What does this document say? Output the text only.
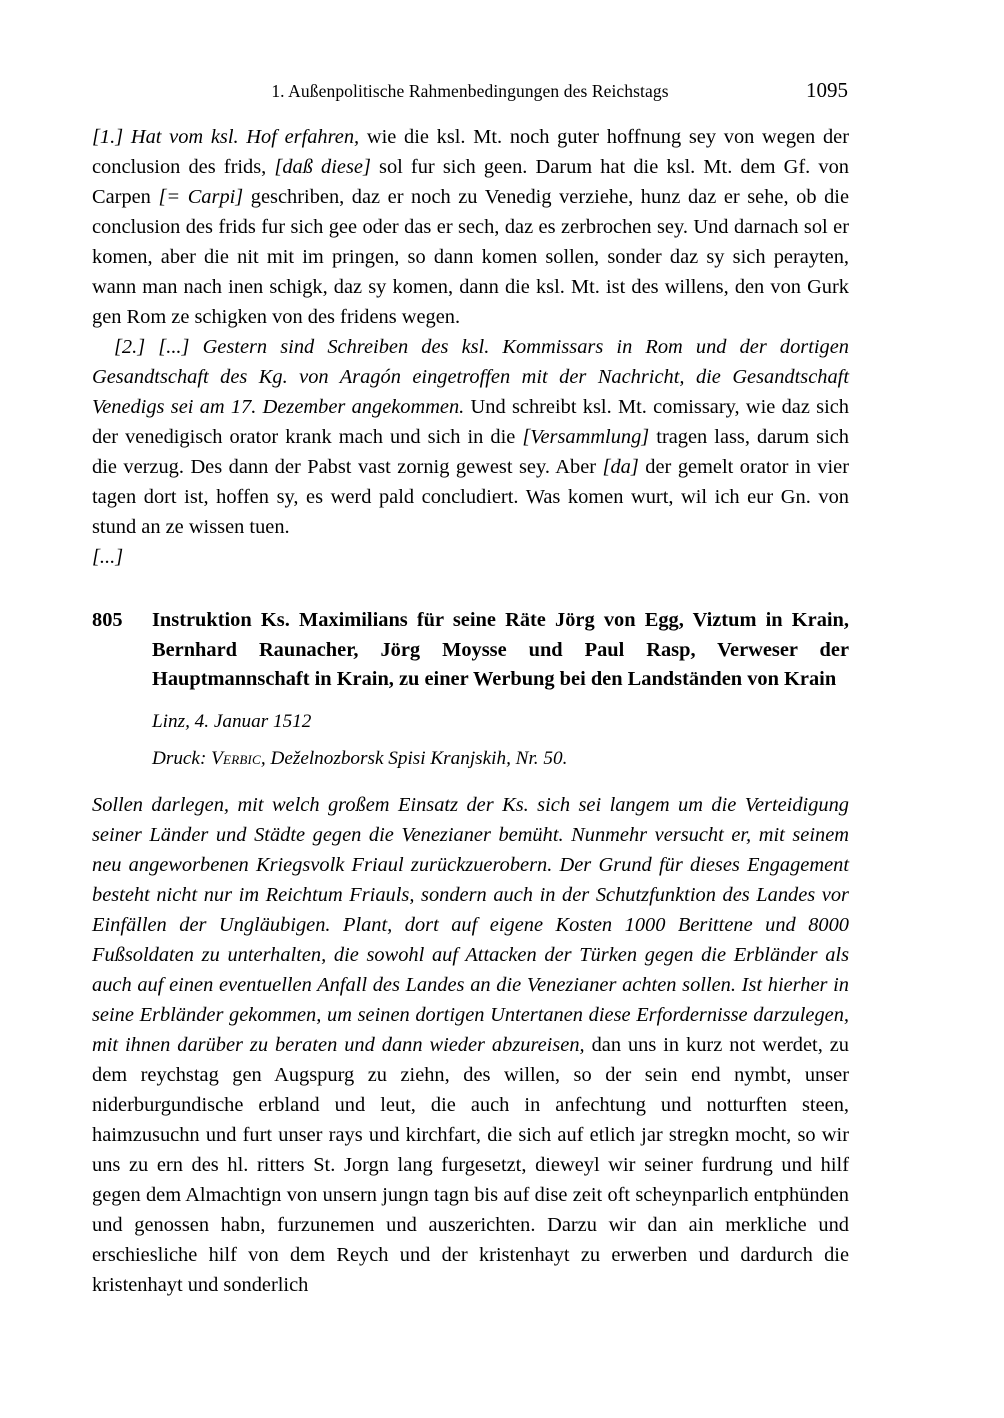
1. Außenpolitische Rahmenbedingungen des Reichstags	1095

[1.] Hat vom ksl. Hof erfahren, wie die ksl. Mt. noch guter hoffnung sey von wegen der conclusion des frids, [daß diese] sol fur sich geen. Darum hat die ksl. Mt. dem Gf. von Carpen [= Carpi] geschriben, daz er noch zu Venedig verziehe, hunz daz er sehe, ob die conclusion des frids fur sich gee oder das er sech, daz es zerbrochen sey. Und darnach sol er komen, aber die nit mit im pringen, so dann komen sollen, sonder daz sy sich perayten, wann man nach inen schigk, daz sy komen, dann die ksl. Mt. ist des willens, den von Gurk gen Rom ze schigken von des fridens wegen.

[2.] [...] Gestern sind Schreiben des ksl. Kommissars in Rom und der dortigen Gesandtschaft des Kg. von Aragón eingetroffen mit der Nachricht, die Gesandtschaft Venedigs sei am 17. Dezember angekommen. Und schreibt ksl. Mt. comissary, wie daz sich der venedigisch orator krank mach und sich in die [Versammlung] tragen lass, darum sich die verzug. Des dann der Pabst vast zornig gewest sey. Aber [da] der gemelt orator in vier tagen dort ist, hoffen sy, es werd pald concludiert. Was komen wurt, wil ich eur Gn. von stund an ze wissen tuen.

[...]

805	Instruktion Ks. Maximilians für seine Räte Jörg von Egg, Viztum in Krain, Bernhard Raunacher, Jörg Moysse und Paul Rasp, Verweser der Hauptmannschaft in Krain, zu einer Werbung bei den Landständen von Krain
Linz, 4. Januar 1512
Druck: Verbic, Deželnozborsk Spisi Kranjskih, Nr. 50.

Sollen darlegen, mit welch großem Einsatz der Ks. sich sei langem um die Verteidigung seiner Länder und Städte gegen die Venezianer bemüht. Nunmehr versucht er, mit seinem neu angeworbenen Kriegsvolk Friaul zurückzuerobern. Der Grund für dieses Engagement besteht nicht nur im Reichtum Friauls, sondern auch in der Schutzfunktion des Landes vor Einfällen der Ungläubigen. Plant, dort auf eigene Kosten 1000 Berittene und 8000 Fußsoldaten zu unterhalten, die sowohl auf Attacken der Türken gegen die Erbländer als auch auf einen eventuellen Anfall des Landes an die Venezianer achten sollen. Ist hierher in seine Erbländer gekommen, um seinen dortigen Untertanen diese Erfordernisse darzulegen, mit ihnen darüber zu beraten und dann wieder abzureisen, dan uns in kurz not werdet, zu dem reychstag gen Augspurg zu ziehn, des willen, so der sein end nymbt, unser niderburgundische erbland und leut, die auch in anfechtung und notturften steen, haimzusuchn und furt unser rays und kirchfart, die sich auf etlich jar stregkn mocht, so wir uns zu ern des hl. ritters St. Jorgn lang furgesetzt, dieweyl wir seiner furdrung und hilf gegen dem Almachtign von unsern jungn tagn bis auf dise zeit oft scheynparlich entphünden und genossen habn, furzunemen und auszerichten. Darzu wir dan ain merkliche und erschiesliche hilf von dem Reych und der kristenhayt zu erwerben und dardurch die kristenhayt und sonderlich
